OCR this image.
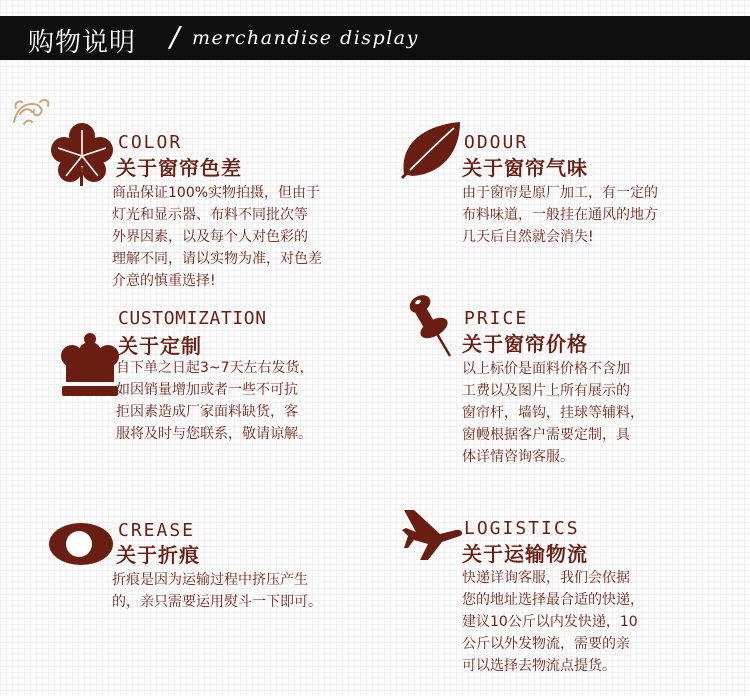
购物说明 / merchandise display
COLOR
关于窗帘色差
商品保证100%实物拍摄，但由于
灯光和显示器、布料不同批次等
外界因素，以及每个人对色彩的
理解不同，请以实物为准，对色差
介意的慎重选择!
ODOUR
关于窗帘气味
由于窗帘是原厂加工，有一定的
布料味道，一般挂在通风的地方
几天后自然就会消失!
CUSTOMIZATION
关于定制
自下单之日起3~7天左右发货，
如因销量增加或者一些不可抗
拒因素造成厂家面料缺货，客
服将及时与您联系，敬请谅解。
PRICE
关于窗帘价格
以上标价是面料价格不含加
工费以及图片上所有展示的
窗帘杆，墙钩，挂球等辅料，
窗幔根据客户需要定制，具
体详情咨询客服。
CREASE
关于折痕
折痕是因为运输过程中挤压产生
的，亲只需要运用熨斗一下即可。
LOGISTICS
关于运输物流
快递详询客服，我们会依据
您的地址选择最合适的快递，
建议10公斤以内发快递，10
公斤以外发物流，需要的亲
可以选择去物流点提货。
